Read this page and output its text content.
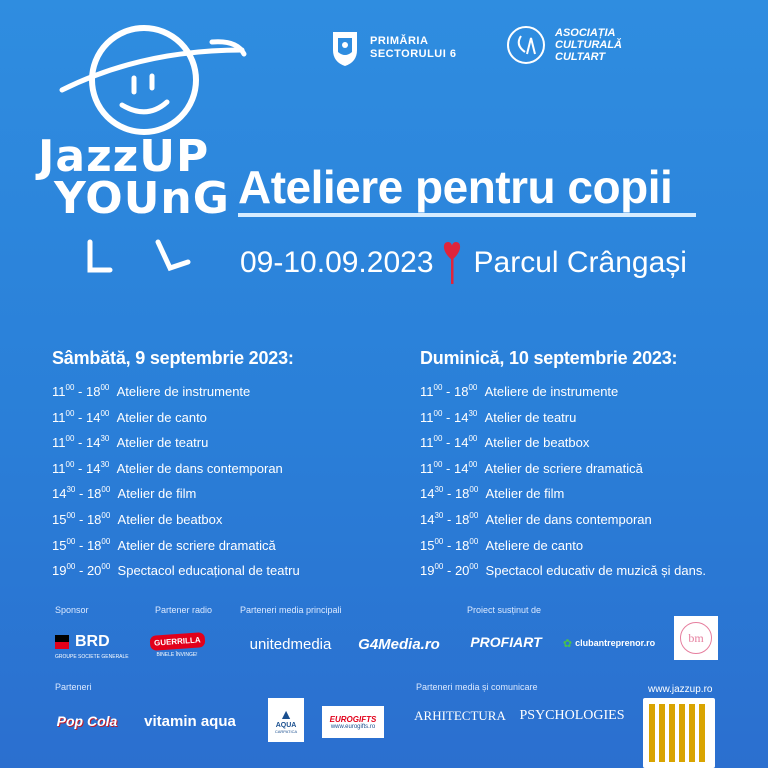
JazzUP
YOUnG
PRIMĂRIA
SECTORULUI 6
ASOCIAȚIA
CULTURALĂ
CULTART
Ateliere pentru copii
09-10.09.2023 Parcul Crângași
Sâmbătă, 9 septembrie 2023:
$11^{00} - 18^{00}$ Ateliere de instrumente
$11^{00} - 14^{00}$ Atelier de canto
$11^{00} - 14^{30}$ Atelier de teatru
$11^{00} - 14^{30}$ Atelier de dans contemporan
$14^{30} - 18^{00}$ Atelier de film
$15^{00} - 18^{00}$ Atelier de beatbox
$15^{00} - 18^{00}$ Atelier de scriere dramatică
$19^{00} - 20^{00}$ Spectacol educațional de teatru
Duminică, 10 septembrie 2023:
$11^{00} - 18^{00}$ Ateliere de instrumente
$11^{00} - 14^{30}$ Atelier de teatru
$11^{00} - 14^{00}$ Atelier de beatbox
$11^{00} - 14^{00}$ Atelier de scriere dramatică
$14^{30} - 18^{00}$ Atelier de film
$14^{30} - 18^{00}$ Atelier de dans contemporan
$15^{00} - 18^{00}$ Ateliere de canto
$19^{00} - 20^{00}$ Spectacol educativ de muzică și dans.
Sponsor	Partener radio	Parteneri media principali	Proiect susținut de
Parteneri	Parteneri media și comunicare
BRD
GROUPE SOCIETE GENERALE
GUERRILLA
BINELE ÎNVINGE!
unitedmedia G4Media.ro PROFIART ✿ clubantreprenor.ro	bm
Pop Cola vitamin aqua	▲
AQUA
CARPATICA
EUROGIFTS
www.eurogifts.ro
ARHITECTURA PSYCHOLOGIES
www.jazzup.ro
